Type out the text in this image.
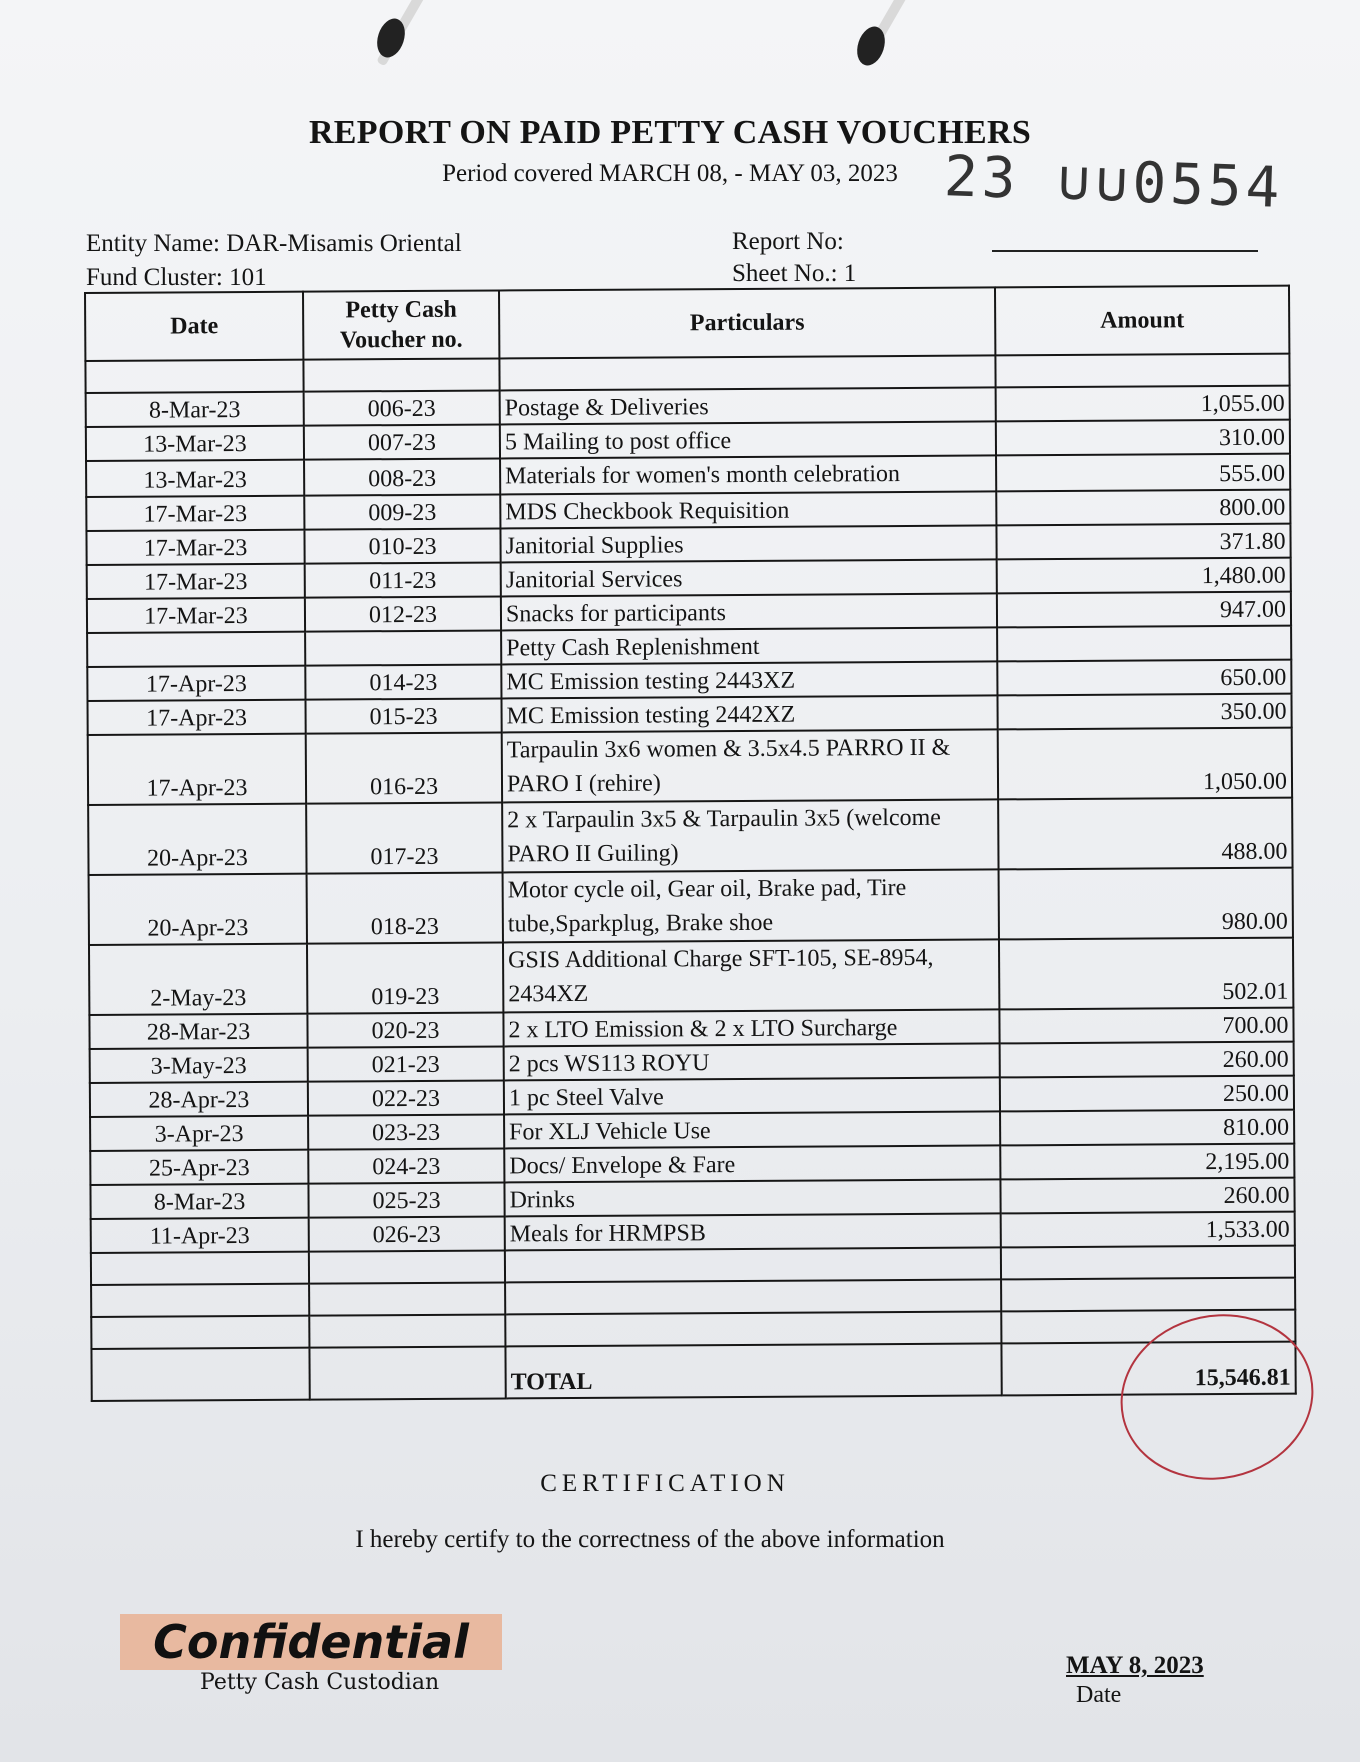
REPORT ON PAID PETTY CASH VOUCHERS
Period covered MARCH 08, - MAY 03, 2023 23 ∪∪0554
Entity Name: DAR-Misamis Oriental
Fund Cluster: 101
Report No:
Sheet No.: 1
Date	Petty Cash Voucher no.	Particulars	Amount

8-Mar-23	006-23	Postage & Deliveries	1,055.00
13-Mar-23	007-23	5 Mailing to post office	310.00
13-Mar-23	008-23	Materials for women's month celebration	555.00
17-Mar-23	009-23	MDS Checkbook Requisition	800.00
17-Mar-23	010-23	Janitorial Supplies	371.80
17-Mar-23	011-23	Janitorial Services	1,480.00
17-Mar-23	012-23	Snacks for participants	947.00
		Petty Cash Replenishment	
17-Apr-23	014-23	MC Emission testing 2443XZ	650.00
17-Apr-23	015-23	MC Emission testing 2442XZ	350.00
17-Apr-23	016-23	Tarpaulin 3x6 women & 3.5x4.5 PARRO II & PARO I (rehire)	1,050.00
20-Apr-23	017-23	2 x Tarpaulin 3x5 & Tarpaulin 3x5 (welcome PARO II Guiling)	488.00
20-Apr-23	018-23	Motor cycle oil, Gear oil, Brake pad, Tire tube,Sparkplug, Brake shoe	980.00
2-May-23	019-23	GSIS Additional Charge SFT-105, SE-8954, 2434XZ	502.01
28-Mar-23	020-23	2 x LTO Emission & 2 x LTO Surcharge	700.00
3-May-23	021-23	2 pcs WS113 ROYU	260.00
28-Apr-23	022-23	1 pc Steel Valve	250.00
3-Apr-23	023-23	For XLJ Vehicle Use	810.00
25-Apr-23	024-23	Docs/ Envelope & Fare	2,195.00
8-Mar-23	025-23	Drinks	260.00
11-Apr-23	026-23	Meals for HRMPSB	1,533.00

		TOTAL	15,546.81
CERTIFICATION
I hereby certify to the correctness of the above information
Confidential
Petty Cash Custodian
MAY 8, 2023
Date
